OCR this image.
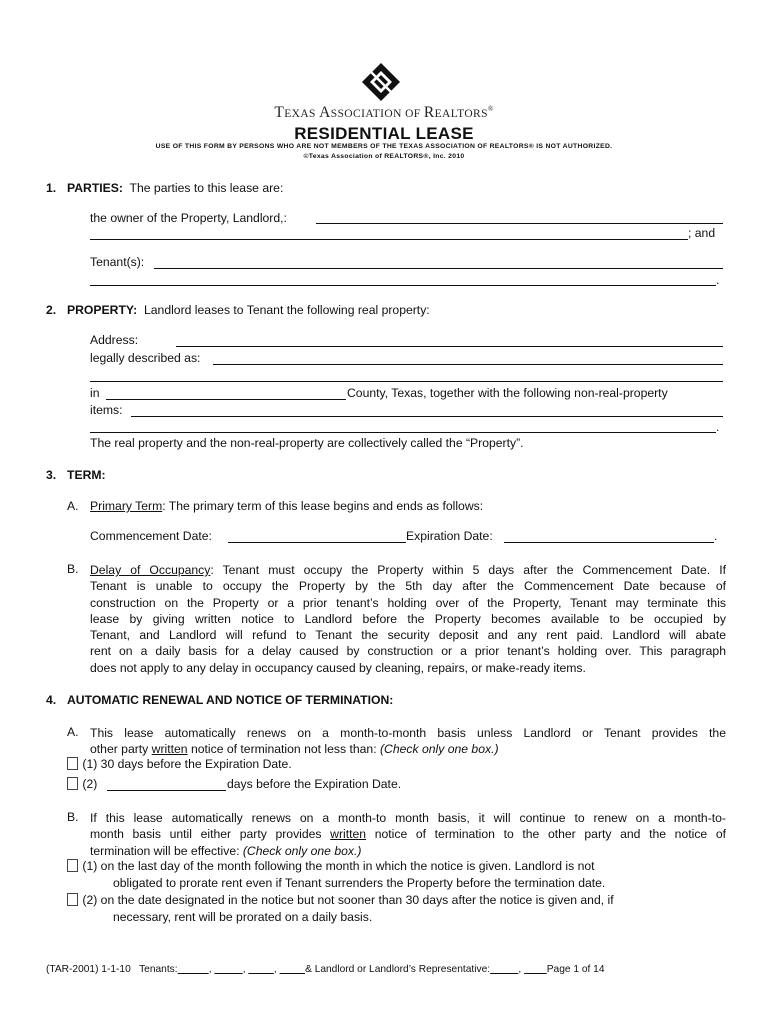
TEXAS ASSOCIATION OF REALTORS®
RESIDENTIAL LEASE
USE OF THIS FORM BY PERSONS WHO ARE NOT MEMBERS OF THE TEXAS ASSOCIATION OF REALTORS® IS NOT AUTHORIZED.
©Texas Association of REALTORS®, Inc. 2010
1. PARTIES: The parties to this lease are:
the owner of the Property, Landlord,:
; and
Tenant(s):
.
2. PROPERTY: Landlord leases to Tenant the following real property:
Address:
legally described as:
in	County, Texas, together with the following non-real-property
items:
.
The real property and the non-real-property are collectively called the “Property”.
3. TERM:
A. Primary Term: The primary term of this lease begins and ends as follows:
Commencement Date:	Expiration Date:	.
B. Delay of Occupancy: Tenant must occupy the Property within 5 days after the Commencement Date. If
Tenant is unable to occupy the Property by the 5th day after the Commencement Date because of
construction on the Property or a prior tenant’s holding over of the Property, Tenant may terminate this
lease by giving written notice to Landlord before the Property becomes available to be occupied by
Tenant, and Landlord will refund to Tenant the security deposit and any rent paid. Landlord will abate
rent on a daily basis for a delay caused by construction or a prior tenant’s holding over. This paragraph
does not apply to any delay in occupancy caused by cleaning, repairs, or make-ready items.
4. AUTOMATIC RENEWAL AND NOTICE OF TERMINATION:
A. This lease automatically renews on a month-to-month basis unless Landlord or Tenant provides the
other party written notice of termination not less than: (Check only one box.)
(1) 30 days before the Expiration Date.
(2)	days before the Expiration Date.
B. If this lease automatically renews on a month-to month basis, it will continue to renew on a month-to-
month basis until either party provides written notice of termination to the other party and the notice of
termination will be effective: (Check only one box.)
(1) on the last day of the month following the month in which the notice is given. Landlord is not
obligated to prorate rent even if Tenant surrenders the Property before the termination date.
(2) on the date designated in the notice but not sooner than 30 days after the notice is given and, if
necessary, rent will be prorated on a daily basis.
(TAR-2001) 1-1-10 Tenants:	,	,	,	& Landlord or Landlord’s Representative:	,	Page 1 of 14
